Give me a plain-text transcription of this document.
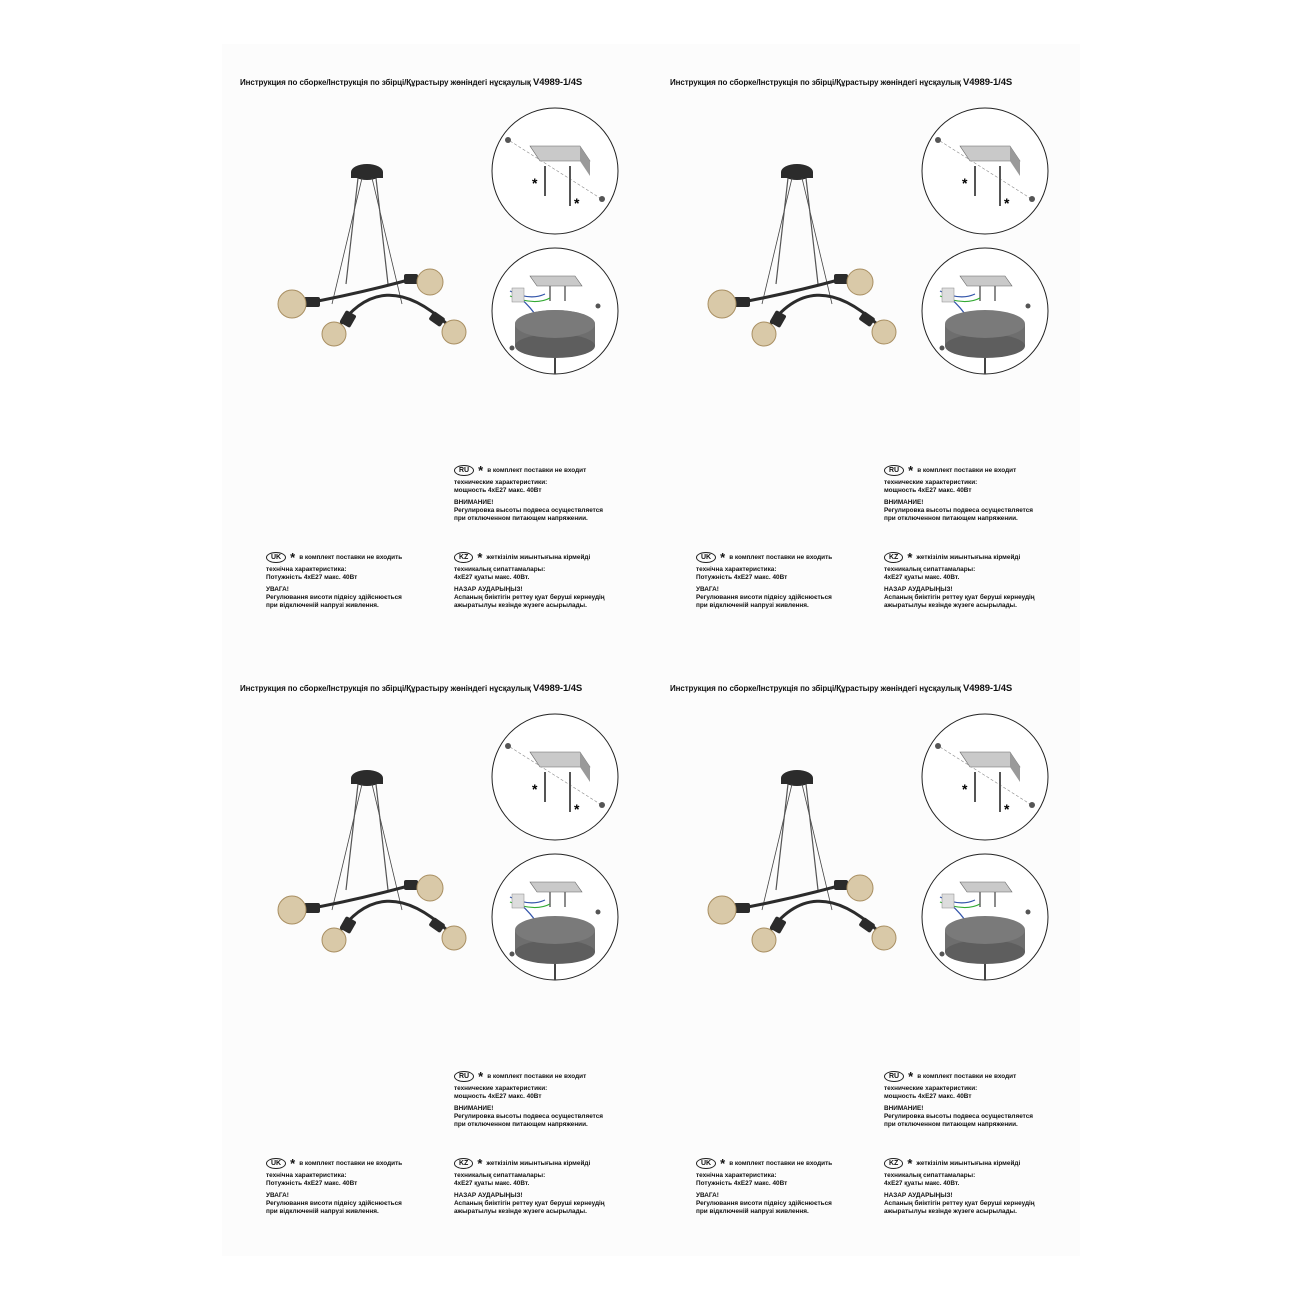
Инструкция по сборке/Інструкція по збірці/Құрастыру жөніндегі нұсқаулық V4989-1/4S
*
*
RU * в комплект поставки не входит

технические характеристики:

мощность 4хЕ27 макс. 40Вт

ВНИМАНИЕ!

Регулировка высоты подвеса осуществляется

при отключенном питающем напряжении.

UK * в комплект поставки не входить

технічна характеристика:

Потужність 4хЕ27 макс. 40Вт

УВАГА!

Регулювання висоти підвісу здійснюється

при відключеній напрузі живлення.

KZ * жеткізілім жиынтығына кірмейді

техникалық сипаттамалары:

4хЕ27 қуаты макс. 40Вт.

НАЗАР АУДАРЫҢЫЗ!

Аспаның биіктігін реттеу қуат беруші кернеудің

ажыратылуы кезінде жүзеге асырылады.

Инструкция по сборке/Інструкція по збірці/Құрастыру жөніндегі нұсқаулық V4989-1/4S
*
*
RU * в комплект поставки не входит

технические характеристики:

мощность 4хЕ27 макс. 40Вт

ВНИМАНИЕ!

Регулировка высоты подвеса осуществляется

при отключенном питающем напряжении.

UK * в комплект поставки не входить

технічна характеристика:

Потужність 4хЕ27 макс. 40Вт

УВАГА!

Регулювання висоти підвісу здійснюється

при відключеній напрузі живлення.

KZ * жеткізілім жиынтығына кірмейді

техникалық сипаттамалары:

4хЕ27 қуаты макс. 40Вт.

НАЗАР АУДАРЫҢЫЗ!

Аспаның биіктігін реттеу қуат беруші кернеудің

ажыратылуы кезінде жүзеге асырылады.

Инструкция по сборке/Інструкція по збірці/Құрастыру жөніндегі нұсқаулық V4989-1/4S
*
*
RU * в комплект поставки не входит

технические характеристики:

мощность 4хЕ27 макс. 40Вт

ВНИМАНИЕ!

Регулировка высоты подвеса осуществляется

при отключенном питающем напряжении.

UK * в комплект поставки не входить

технічна характеристика:

Потужність 4хЕ27 макс. 40Вт

УВАГА!

Регулювання висоти підвісу здійснюється

при відключеній напрузі живлення.

KZ * жеткізілім жиынтығына кірмейді

техникалық сипаттамалары:

4хЕ27 қуаты макс. 40Вт.

НАЗАР АУДАРЫҢЫЗ!

Аспаның биіктігін реттеу қуат беруші кернеудің

ажыратылуы кезінде жүзеге асырылады.

Инструкция по сборке/Інструкція по збірці/Құрастыру жөніндегі нұсқаулық V4989-1/4S
*
*
RU * в комплект поставки не входит

технические характеристики:

мощность 4хЕ27 макс. 40Вт

ВНИМАНИЕ!

Регулировка высоты подвеса осуществляется

при отключенном питающем напряжении.

UK * в комплект поставки не входить

технічна характеристика:

Потужність 4хЕ27 макс. 40Вт

УВАГА!

Регулювання висоти підвісу здійснюється

при відключеній напрузі живлення.

KZ * жеткізілім жиынтығына кірмейді

техникалық сипаттамалары:

4хЕ27 қуаты макс. 40Вт.

НАЗАР АУДАРЫҢЫЗ!

Аспаның биіктігін реттеу қуат беруші кернеудің

ажыратылуы кезінде жүзеге асырылады.
